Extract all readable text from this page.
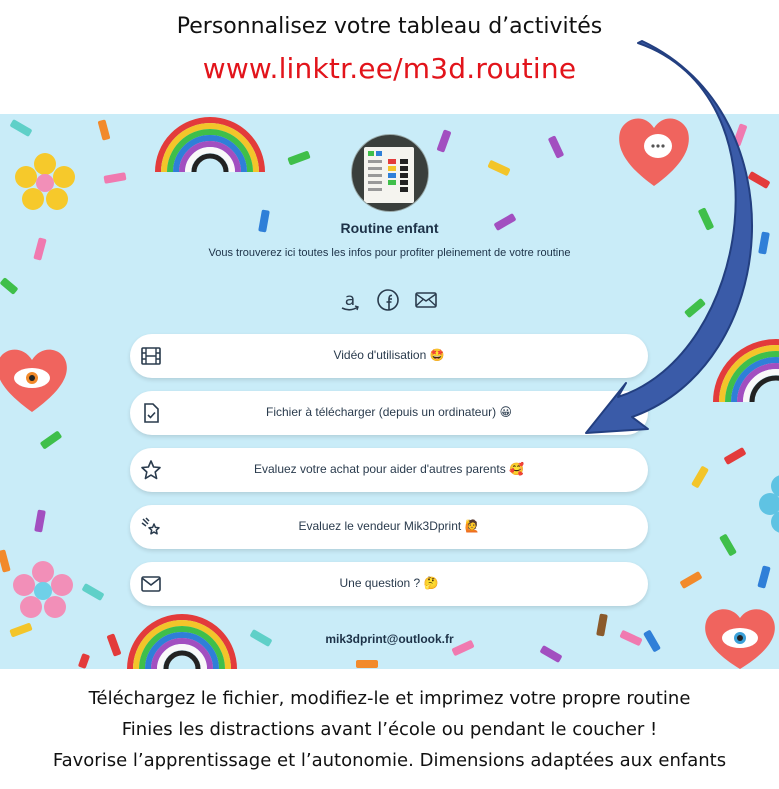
Personnalisez votre tableau d’activités
www.linktr.ee/m3d.routine
Routine enfant
Vous trouverez ici toutes les infos pour profiter pleinement de votre routine
a
Vidéo d'utilisation 🤩
Fichier à télécharger (depuis un ordinateur) 😀
Evaluez votre achat pour aider d'autres parents 🥰
Evaluez le vendeur Mik3Dprint 🙋
Une question ? 🤔
mik3dprint@outlook.fr
Téléchargez le fichier, modifiez-le et imprimez votre propre routine
Finies les distractions avant l’école ou pendant le coucher !
Favorise l’apprentissage et l’autonomie. Dimensions adaptées aux enfants
